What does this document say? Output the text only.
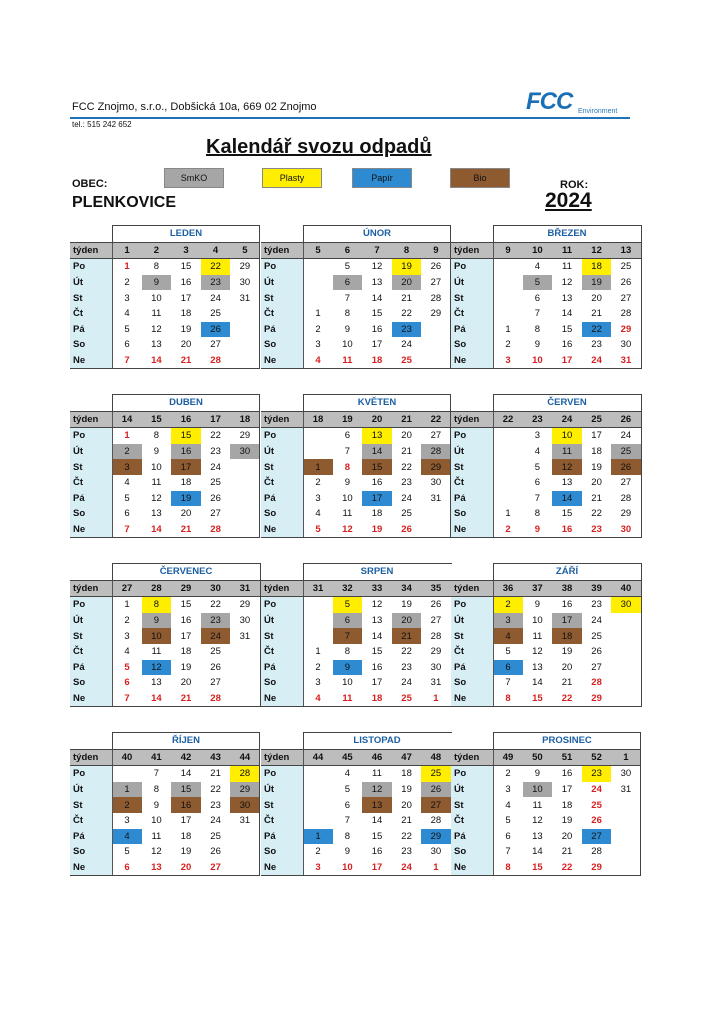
FCC Znojmo, s.r.o., Dobšická 10a, 669 02 Znojmo
tel.: 515 242 652
FCC Environment
Kalendář svozu odpadů
OBEC:
PLENKOVICE
ROK:
2024
SmKO	Plasty	Papír	Bio
	LEDEN				
týden	1	2	3	4	5
Po	1	8	15	22	29
Út	2	9	16	23	30
St	3	10	17	24	31
Čt	4	11	18	25	
Pá	5	12	19	26	
So	6	13	20	27	
Ne	7	14	21	28	
	ÚNOR				
týden	5	6	7	8	9
Po		5	12	19	26
Út		6	13	20	27
St		7	14	21	28
Čt	1	8	15	22	29
Pá	2	9	16	23	
So	3	10	17	24	
Ne	4	11	18	25	
	BŘEZEN				
týden	9	10	11	12	13
Po		4	11	18	25
Út		5	12	19	26
St		6	13	20	27
Čt		7	14	21	28
Pá	1	8	15	22	29
So	2	9	16	23	30
Ne	3	10	17	24	31
	DUBEN				
týden	14	15	16	17	18
Po	1	8	15	22	29
Út	2	9	16	23	30
St	3	10	17	24	
Čt	4	11	18	25	
Pá	5	12	19	26	
So	6	13	20	27	
Ne	7	14	21	28	
	KVĚTEN				
týden	18	19	20	21	22
Po		6	13	20	27
Út		7	14	21	28
St	1	8	15	22	29
Čt	2	9	16	23	30
Pá	3	10	17	24	31
So	4	11	18	25	
Ne	5	12	19	26	
	ČERVEN				
týden	22	23	24	25	26
Po		3	10	17	24
Út		4	11	18	25
St		5	12	19	26
Čt		6	13	20	27
Pá		7	14	21	28
So	1	8	15	22	29
Ne	2	9	16	23	30
	ČERVENEC				
týden	27	28	29	30	31
Po	1	8	15	22	29
Út	2	9	16	23	30
St	3	10	17	24	31
Čt	4	11	18	25	
Pá	5	12	19	26	
So	6	13	20	27	
Ne	7	14	21	28	
	SRPEN				
týden	31	32	33	34	35
Po		5	12	19	26
Út		6	13	20	27
St		7	14	21	28
Čt	1	8	15	22	29
Pá	2	9	16	23	30
So	3	10	17	24	31
Ne	4	11	18	25	1
	ZÁŘÍ				
týden	36	37	38	39	40
Po	2	9	16	23	30
Út	3	10	17	24	
St	4	11	18	25	
Čt	5	12	19	26	
Pá	6	13	20	27	
So	7	14	21	28	
Ne	8	15	22	29	
	ŘÍJEN				
týden	40	41	42	43	44
Po		7	14	21	28
Út	1	8	15	22	29
St	2	9	16	23	30
Čt	3	10	17	24	31
Pá	4	11	18	25	
So	5	12	19	26	
Ne	6	13	20	27	
	LISTOPAD				
týden	44	45	46	47	48
Po		4	11	18	25
Út		5	12	19	26
St		6	13	20	27
Čt		7	14	21	28
Pá	1	8	15	22	29
So	2	9	16	23	30
Ne	3	10	17	24	1
	PROSINEC				
týden	49	50	51	52	1
Po	2	9	16	23	30
Út	3	10	17	24	31
St	4	11	18	25	
Čt	5	12	19	26	
Pá	6	13	20	27	
So	7	14	21	28	
Ne	8	15	22	29	
